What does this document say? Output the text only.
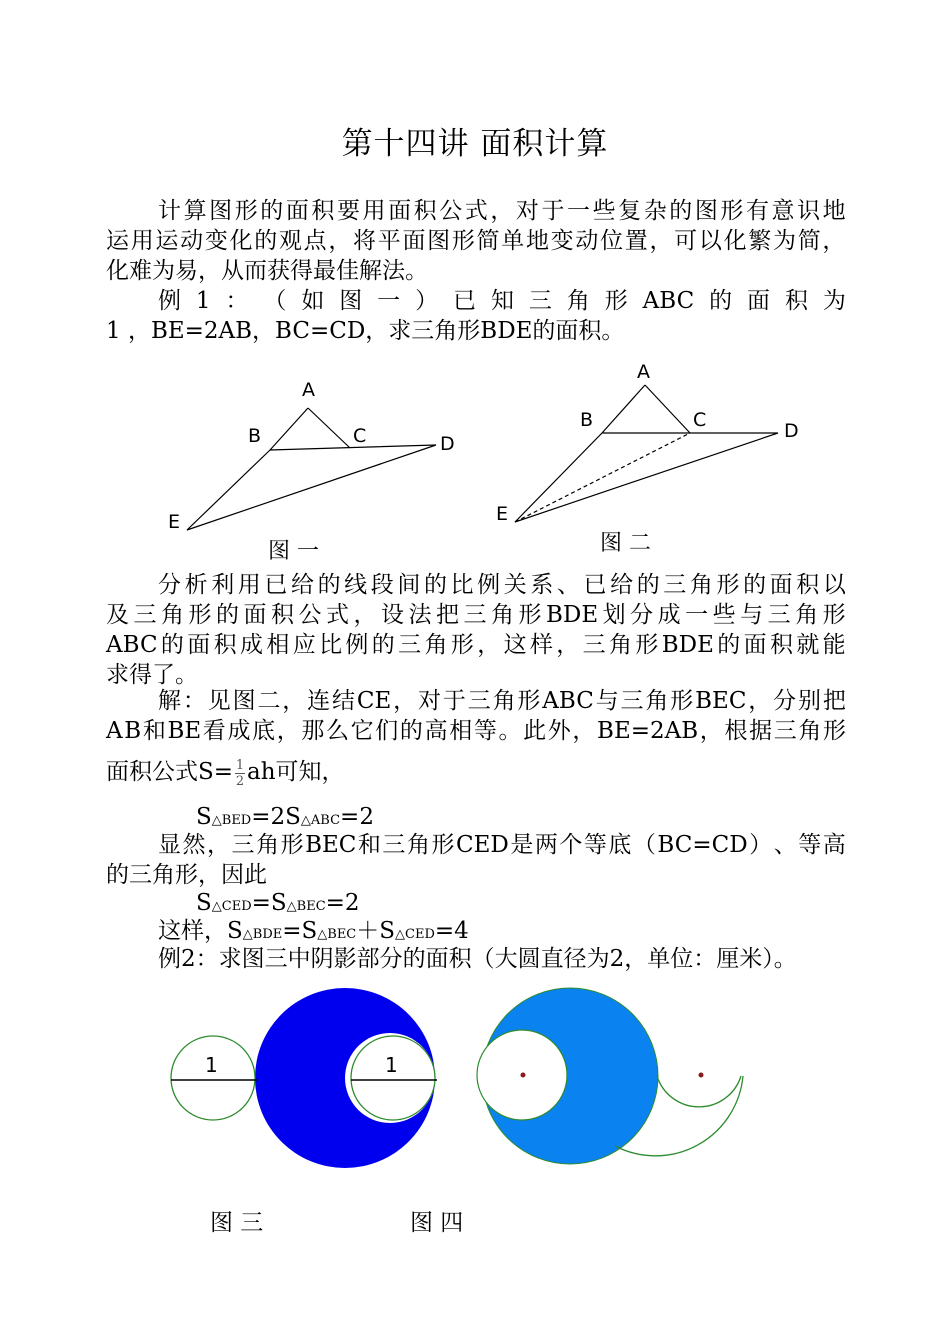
第十四讲 面积计算
计 算 图 形 的 面 积 要 用 面 积 公 式 ， 对 于 一 些 复 杂 的 图 形 有 意 识 地
运 用 运 动 变 化 的 观 点 ， 将 平 面 图 形 简 单 地 变 动 位 置 ， 可 以 化 繁 为 简 ，
化难为易，从而获得最佳解法。
例 1 ： （ 如 图 一 ） 已 知 三 角 形 ABC 的 面 积 为
1 ，BE=2AB，BC=CD，求三角形BDE的面积。
A
B	C	D
E
图 一
A
B	C	D
E
图 二
分 析 利 用 已 给 的 线 段 间 的 比 例 关 系 、 已 给 的 三 角 形 的 面 积 以
及 三 角 形 的 面 积 公 式 ， 设 法 把 三 角 形 BDE 划 分 成 一 些 与 三 角 形
ABC 的 面 积 成 相 应 比 例 的 三 角 形 ， 这 样 ， 三 角 形 BDE 的 面 积 就 能
求得了。
解 ： 见 图 二 ， 连 结 CE ， 对 于 三 角 形 ABC 与 三 角 形 BEC ， 分 别 把
A B 和 BE 看 成 底 ， 那 么 它 们 的 高 相 等 。 此 外 ， BE=2AB ， 根 据 三 角 形
面积公式$S= \frac{1}{2}$ ah可知，
S△BED=2S△ABC=2
显 然 ， 三 角 形 BEC 和 三 角 形 CED 是 两 个 等 底 （ BC=CD ） 、 等 高
的三角形，因此
S△CED=S△BEC=2
这样，S△BDE=S△BEC＋S△CED=4
例2：求图三中阴影部分的面积（大圆直径为2，单位：厘米）。
1	1
图 三	图 四
